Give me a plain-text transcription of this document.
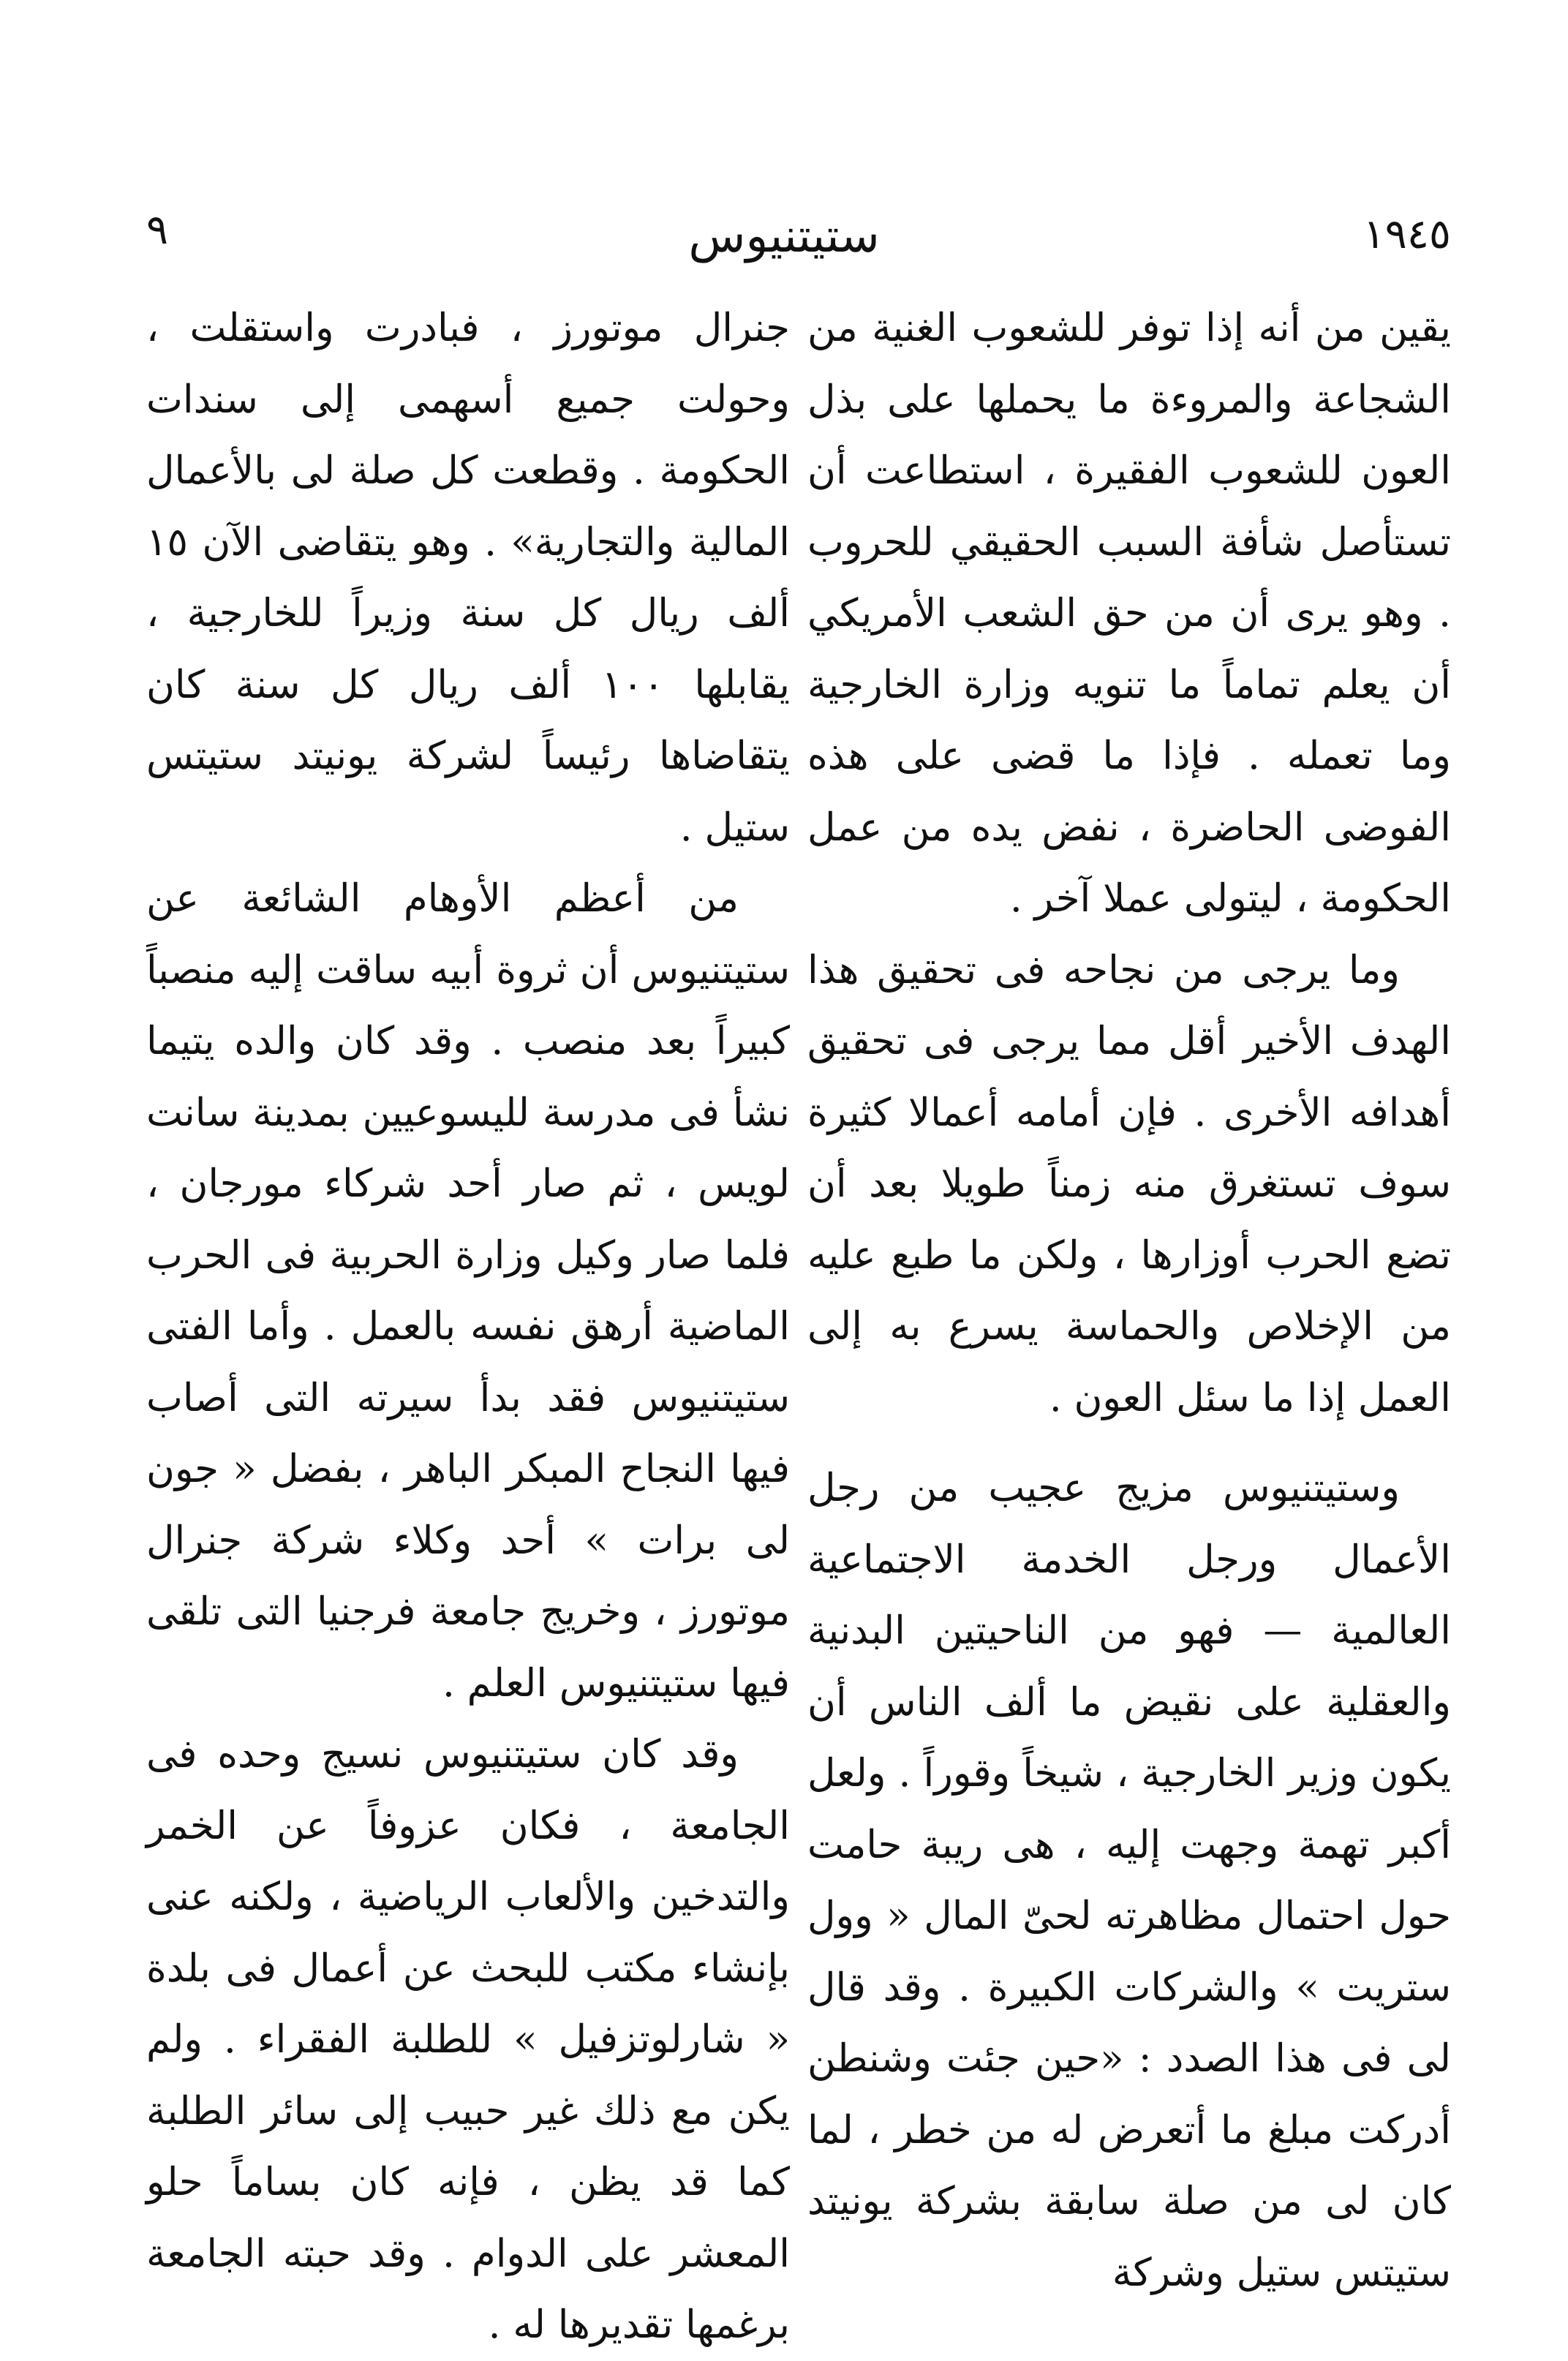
١٩٤٥
ستيتنيوس
٩

يقين من أنه إذا توفر للشعوب الغنية من الشجاعة والمروءة ما يحملها على بذل العون للشعوب الفقيرة ، استطاعت أن تستأصل شأفة السبب الحقيقي للحروب . وهو يرى أن من حق الشعب الأمريكي أن يعلم تماماً ما تنويه وزارة الخارجية وما تعمله . فإذا ما قضى على هذه الفوضى الحاضرة ، نفض يده من عمل الحكومة ، ليتولى عملا آخر .

وما يرجى من نجاحه فى تحقيق هذا الهدف الأخير أقل مما يرجى فى تحقيق أهدافه الأخرى . فإن أمامه أعمالا كثيرة سوف تستغرق منه زمناً طويلا بعد أن تضع الحرب أوزارها ، ولكن ما طبع عليه من الإخلاص والحماسة يسرع به إلى العمل إذا ما سئل العون .

وستيتنيوس مزيج عجيب من رجل الأعمال ورجل الخدمة الاجتماعية العالمية — فهو من الناحيتين البدنية والعقلية على نقيض ما ألف الناس أن يكون وزير الخارجية ، شيخاً وقوراً . ولعل أكبر تهمة وجهت إليه ، هى ريبة حامت حول احتمال مظاهرته لحىّ المال « وول ستريت » والشركات الكبيرة . وقد قال لى فى هذا الصدد : «حين جئت وشنطن أدركت مبلغ ما أتعرض له من خطر ، لما كان لى من صلة سابقة بشركة يونيتد ستيتس ستيل وشركة

جنرال موتورز ، فبادرت واستقلت ، وحولت جميع أسهمى إلى سندات الحكومة . وقطعت كل صلة لى بالأعمال المالية والتجارية» . وهو يتقاضى الآن ١٥ ألف ريال كل سنة وزيراً للخارجية ، يقابلها ١٠٠ ألف ريال كل سنة كان يتقاضاها رئيساً لشركة يونيتد ستيتس ستيل .

من أعظم الأوهام الشائعة عن ستيتنيوس أن ثروة أبيه ساقت إليه منصباً كبيراً بعد منصب . وقد كان والده يتيما نشأ فى مدرسة لليسوعيين بمدينة سانت لويس ، ثم صار أحد شركاء مورجان ، فلما صار وكيل وزارة الحربية فى الحرب الماضية أرهق نفسه بالعمل . وأما الفتى ستيتنيوس فقد بدأ سيرته التى أصاب فيها النجاح المبكر الباهر ، بفضل « جون لى برات » أحد وكلاء شركة جنرال موتورز ، وخريج جامعة فرجنيا التى تلقى فيها ستيتنيوس العلم .

وقد كان ستيتنيوس نسيج وحده فى الجامعة ، فكان عزوفاً عن الخمر والتدخين والألعاب الرياضية ، ولكنه عنى بإنشاء مكتب للبحث عن أعمال فى بلدة « شارلوتزفيل » للطلبة الفقراء . ولم يكن مع ذلك غير حبيب إلى سائر الطلبة كما قد يظن ، فإنه كان بساماً حلو المعشر على الدوام . وقد حبته الجامعة برغمها تقديرها له .
